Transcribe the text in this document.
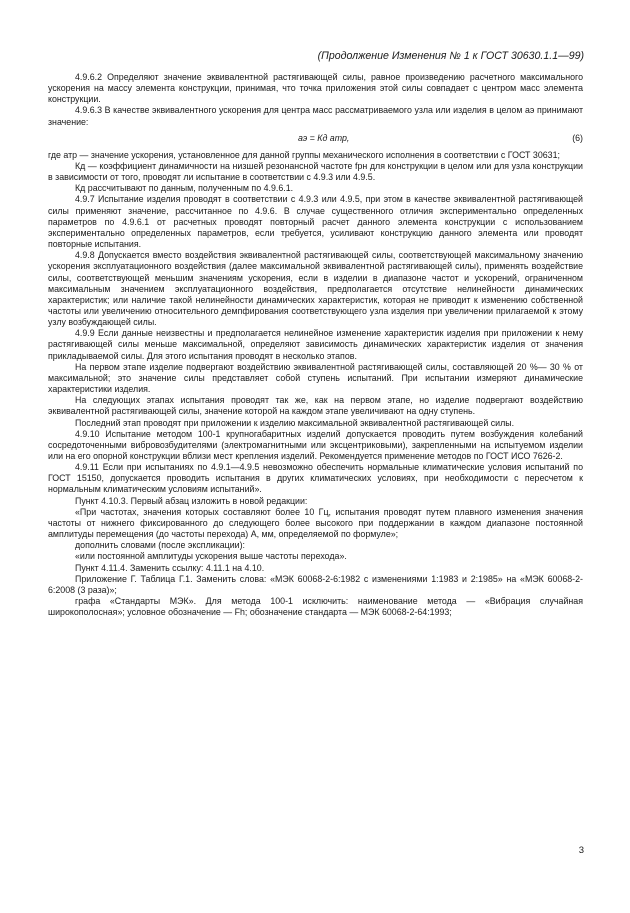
(Продолжение Изменения № 1 к ГОСТ 30630.1.1—99)

4.9.6.2 Определяют значение эквивалентной растягивающей силы, равное произведению расчетного максимального ускорения на массу элемента конструкции, принимая, что точка приложения этой силы совпадает с центром масс элемента конструкции.

4.9.6.3 В качестве эквивалентного ускорения для центра масс рассматриваемого узла или изделия в целом аэ принимают значение:

аэ = Кд атр,	(6)

где атр — значение ускорения, установленное для данной группы механического исполнения в соответствии с ГОСТ 30631;

Кд — коэффициент динамичности на низшей резонансной частоте fрн для конструкции в целом или для узла конструкции в зависимости от того, проводят ли испытание в соответствии с 4.9.3 или 4.9.5.

Кд рассчитывают по данным, полученным по 4.9.6.1.

4.9.7 Испытание изделия проводят в соответствии с 4.9.3 или 4.9.5, при этом в качестве эквивалентной растягивающей силы применяют значение, рассчитанное по 4.9.6. В случае существенного отличия экспериментально определенных параметров по 4.9.6.1 от расчетных проводят повторный расчет данного элемента конструкции с использованием экспериментально определенных параметров, если требуется, усиливают конструкцию данного элемента или проводят повторные испытания.

4.9.8 Допускается вместо воздействия эквивалентной растягивающей силы, соответствующей максимальному значению ускорения эксплуатационного воздействия (далее максимальной эквивалентной растягивающей силы), применять воздействие силы, соответствующей меньшим значениям ускорения, если в изделии в диапазоне частот и ускорений, ограниченном максимальным значением эксплуатационного воздействия, предполагается отсутствие нелинейности динамических характеристик; или наличие такой нелинейности динамических характеристик, которая не приводит к изменению собственной частоты или увеличению относительного демпфирования соответствующего узла изделия при увеличении прилагаемой к этому узлу возбуждающей силы.

4.9.9 Если данные неизвестны и предполагается нелинейное изменение характеристик изделия при приложении к нему растягивающей силы меньше максимальной, определяют зависимость динамических характеристик изделия от значения прикладываемой силы. Для этого испытания проводят в несколько этапов.

На первом этапе изделие подвергают воздействию эквивалентной растягивающей силы, составляющей 20 %— 30 % от максимальной; это значение силы представляет собой ступень испытаний. При испытании измеряют динамические характеристики изделия.

На следующих этапах испытания проводят так же, как на первом этапе, но изделие подвергают воздействию эквивалентной растягивающей силы, значение которой на каждом этапе увеличивают на одну ступень.

Последний этап проводят при приложении к изделию максимальной эквивалентной растягивающей силы.

4.9.10 Испытание методом 100-1 крупногабаритных изделий допускается проводить путем возбуждения колебаний сосредоточенными вибровозбудителями (электромагнитными или эксцентриковыми), закрепленными на испытуемом изделии или на его опорной конструкции вблизи мест крепления изделий. Рекомендуется применение методов по ГОСТ ИСО 7626-2.

4.9.11 Если при испытаниях по 4.9.1—4.9.5 невозможно обеспечить нормальные климатические условия испытаний по ГОСТ 15150, допускается проводить испытания в других климатических условиях, при необходимости с пересчетом к нормальным климатическим условиям испытаний».

Пункт 4.10.3. Первый абзац изложить в новой редакции:

«При частотах, значения которых составляют более 10 Гц, испытания проводят путем плавного изменения значения частоты от нижнего фиксированного до следующего более высокого при поддержании в каждом диапазоне постоянной амплитуды перемещения (до частоты перехода) А, мм, определяемой по формуле»;

дополнить словами (после экспликации):

«или постоянной амплитуды ускорения выше частоты перехода».

Пункт 4.11.4. Заменить ссылку: 4.11.1 на 4.10.

Приложение Г. Таблица Г.1. Заменить слова: «МЭК 60068-2-6:1982 с изменениями 1:1983 и 2:1985» на «МЭК 60068-2-6:2008 (3 раза)»;

графа «Стандарты МЭК». Для метода 100-1 исключить: наименование метода — «Вибрация случайная широкополосная»; условное обозначение — Fh; обозначение стандарта — МЭК 60068-2-64:1993;

3
